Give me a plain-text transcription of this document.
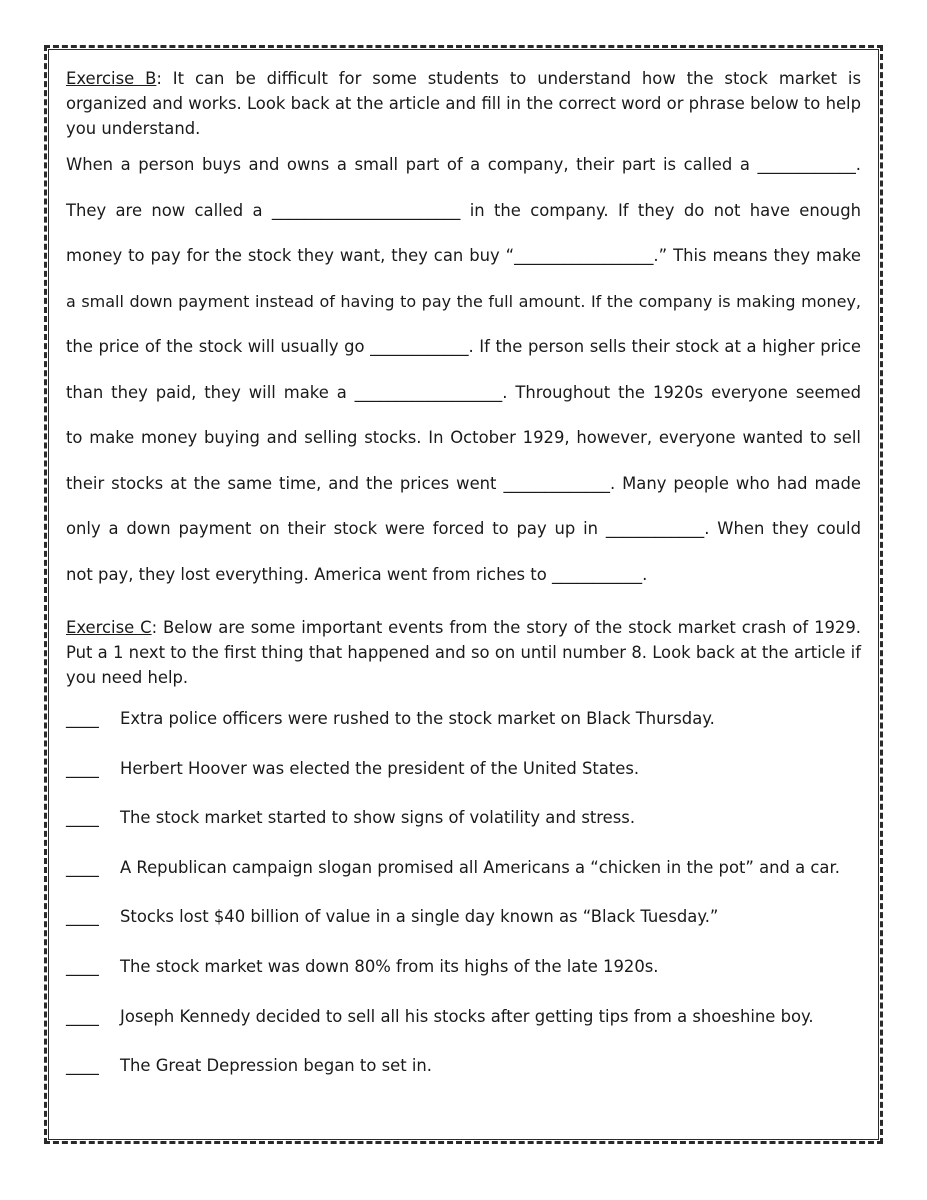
Exercise B: It can be difficult for some students to understand how the stock market is organized and works. Look back at the article and fill in the correct word or phrase below to help you understand.

When a person buys and owns a small part of a company, their part is called a ____________.
They are now called a _______________________ in the company. If they do not have enough
money to pay for the stock they want, they can buy “_________________.” This means they make
a small down payment instead of having to pay the full amount. If the company is making money,
the price of the stock will usually go ____________. If the person sells their stock at a higher price
than they paid, they will make a __________________. Throughout the 1920s everyone seemed
to make money buying and selling stocks. In October 1929, however, everyone wanted to sell
their stocks at the same time, and the prices went _____________. Many people who had made
only a down payment on their stock were forced to pay up in ____________. When they could
not pay, they lost everything. America went from riches to ___________.

Exercise C: Below are some important events from the story of the stock market crash of 1929. Put a 1 next to the first thing that happened and so on until number 8. Look back at the article if you need help.

____	Extra police officers were rushed to the stock market on Black Thursday.
____	Herbert Hoover was elected the president of the United States.
____	The stock market started to show signs of volatility and stress.
____	A Republican campaign slogan promised all Americans a “chicken in the pot” and a car.
____	Stocks lost $40 billion of value in a single day known as “Black Tuesday.”
____	The stock market was down 80% from its highs of the late 1920s.
____	Joseph Kennedy decided to sell all his stocks after getting tips from a shoeshine boy.
____	The Great Depression began to set in.
